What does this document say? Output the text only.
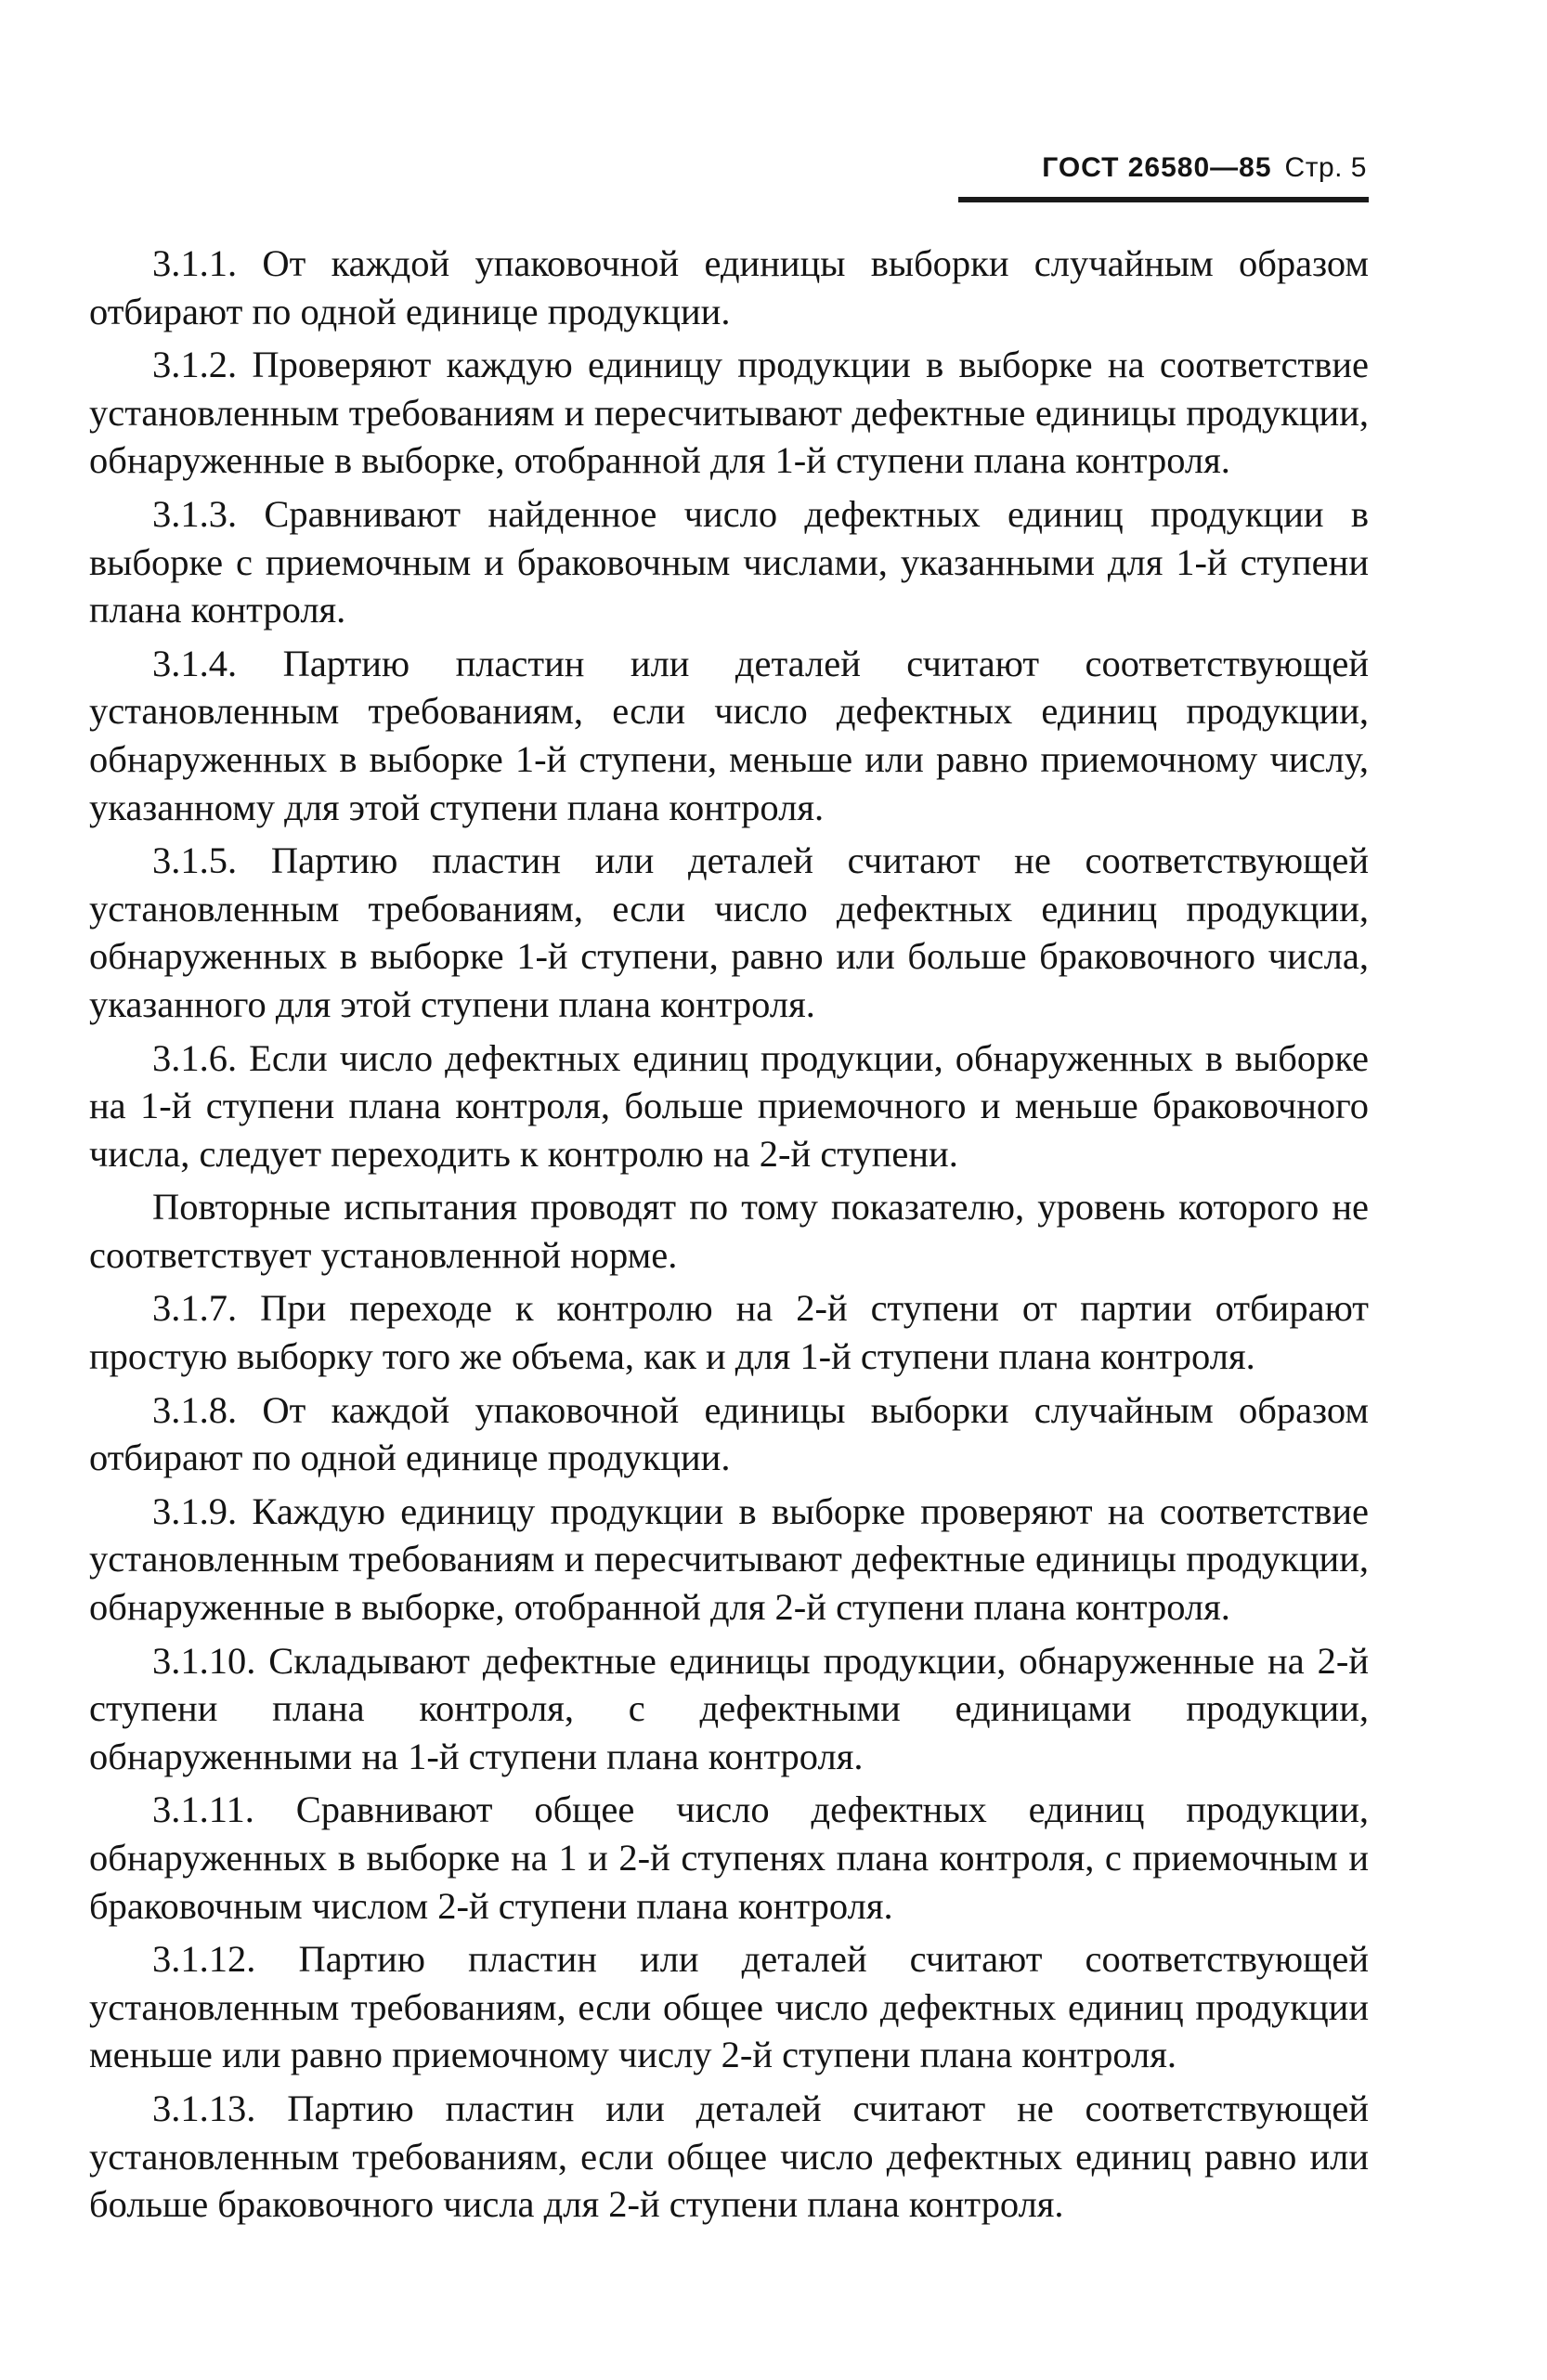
ГОСТ 26580—85 Стр. 5

3.1.1. От каждой упаковочной единицы выборки случайным образом отбирают по одной единице продукции.

3.1.2. Проверяют каждую единицу продукции в выборке на соответствие установленным требованиям и пересчитывают дефектные единицы продукции, обнаруженные в выборке, отобранной для 1-й ступени плана контроля.

3.1.3. Сравнивают найденное число дефектных единиц продукции в выборке с приемочным и браковочным числами, указанными для 1-й ступени плана контроля.

3.1.4. Партию пластин или деталей считают соответствующей установленным требованиям, если число дефектных единиц продукции, обнаруженных в выборке 1-й ступени, меньше или равно приемочному числу, указанному для этой ступени плана контроля.

3.1.5. Партию пластин или деталей считают не соответствующей установленным требованиям, если число дефектных единиц продукции, обнаруженных в выборке 1-й ступени, равно или больше браковочного числа, указанного для этой ступени плана контроля.

3.1.6. Если число дефектных единиц продукции, обнаруженных в выборке на 1-й ступени плана контроля, больше приемочного и меньше браковочного числа, следует переходить к контролю на 2-й ступени.

Повторные испытания проводят по тому показателю, уровень которого не соответствует установленной норме.

3.1.7. При переходе к контролю на 2-й ступени от партии отбирают простую выборку того же объема, как и для 1-й ступени плана контроля.

3.1.8. От каждой упаковочной единицы выборки случайным образом отбирают по одной единице продукции.

3.1.9. Каждую единицу продукции в выборке проверяют на соответствие установленным требованиям и пересчитывают дефектные единицы продукции, обнаруженные в выборке, отобранной для 2-й ступени плана контроля.

3.1.10. Складывают дефектные единицы продукции, обнаруженные на 2-й ступени плана контроля, с дефектными единицами продукции, обнаруженными на 1-й ступени плана контроля.

3.1.11. Сравнивают общее число дефектных единиц продукции, обнаруженных в выборке на 1 и 2-й ступенях плана контроля, с приемочным и браковочным числом 2-й ступени плана контроля.

3.1.12. Партию пластин или деталей считают соответствующей установленным требованиям, если общее число дефектных единиц продукции меньше или равно приемочному числу 2-й ступени плана контроля.

3.1.13. Партию пластин или деталей считают не соответствующей установленным требованиям, если общее число дефектных единиц равно или больше браковочного числа для 2-й ступени плана контроля.
